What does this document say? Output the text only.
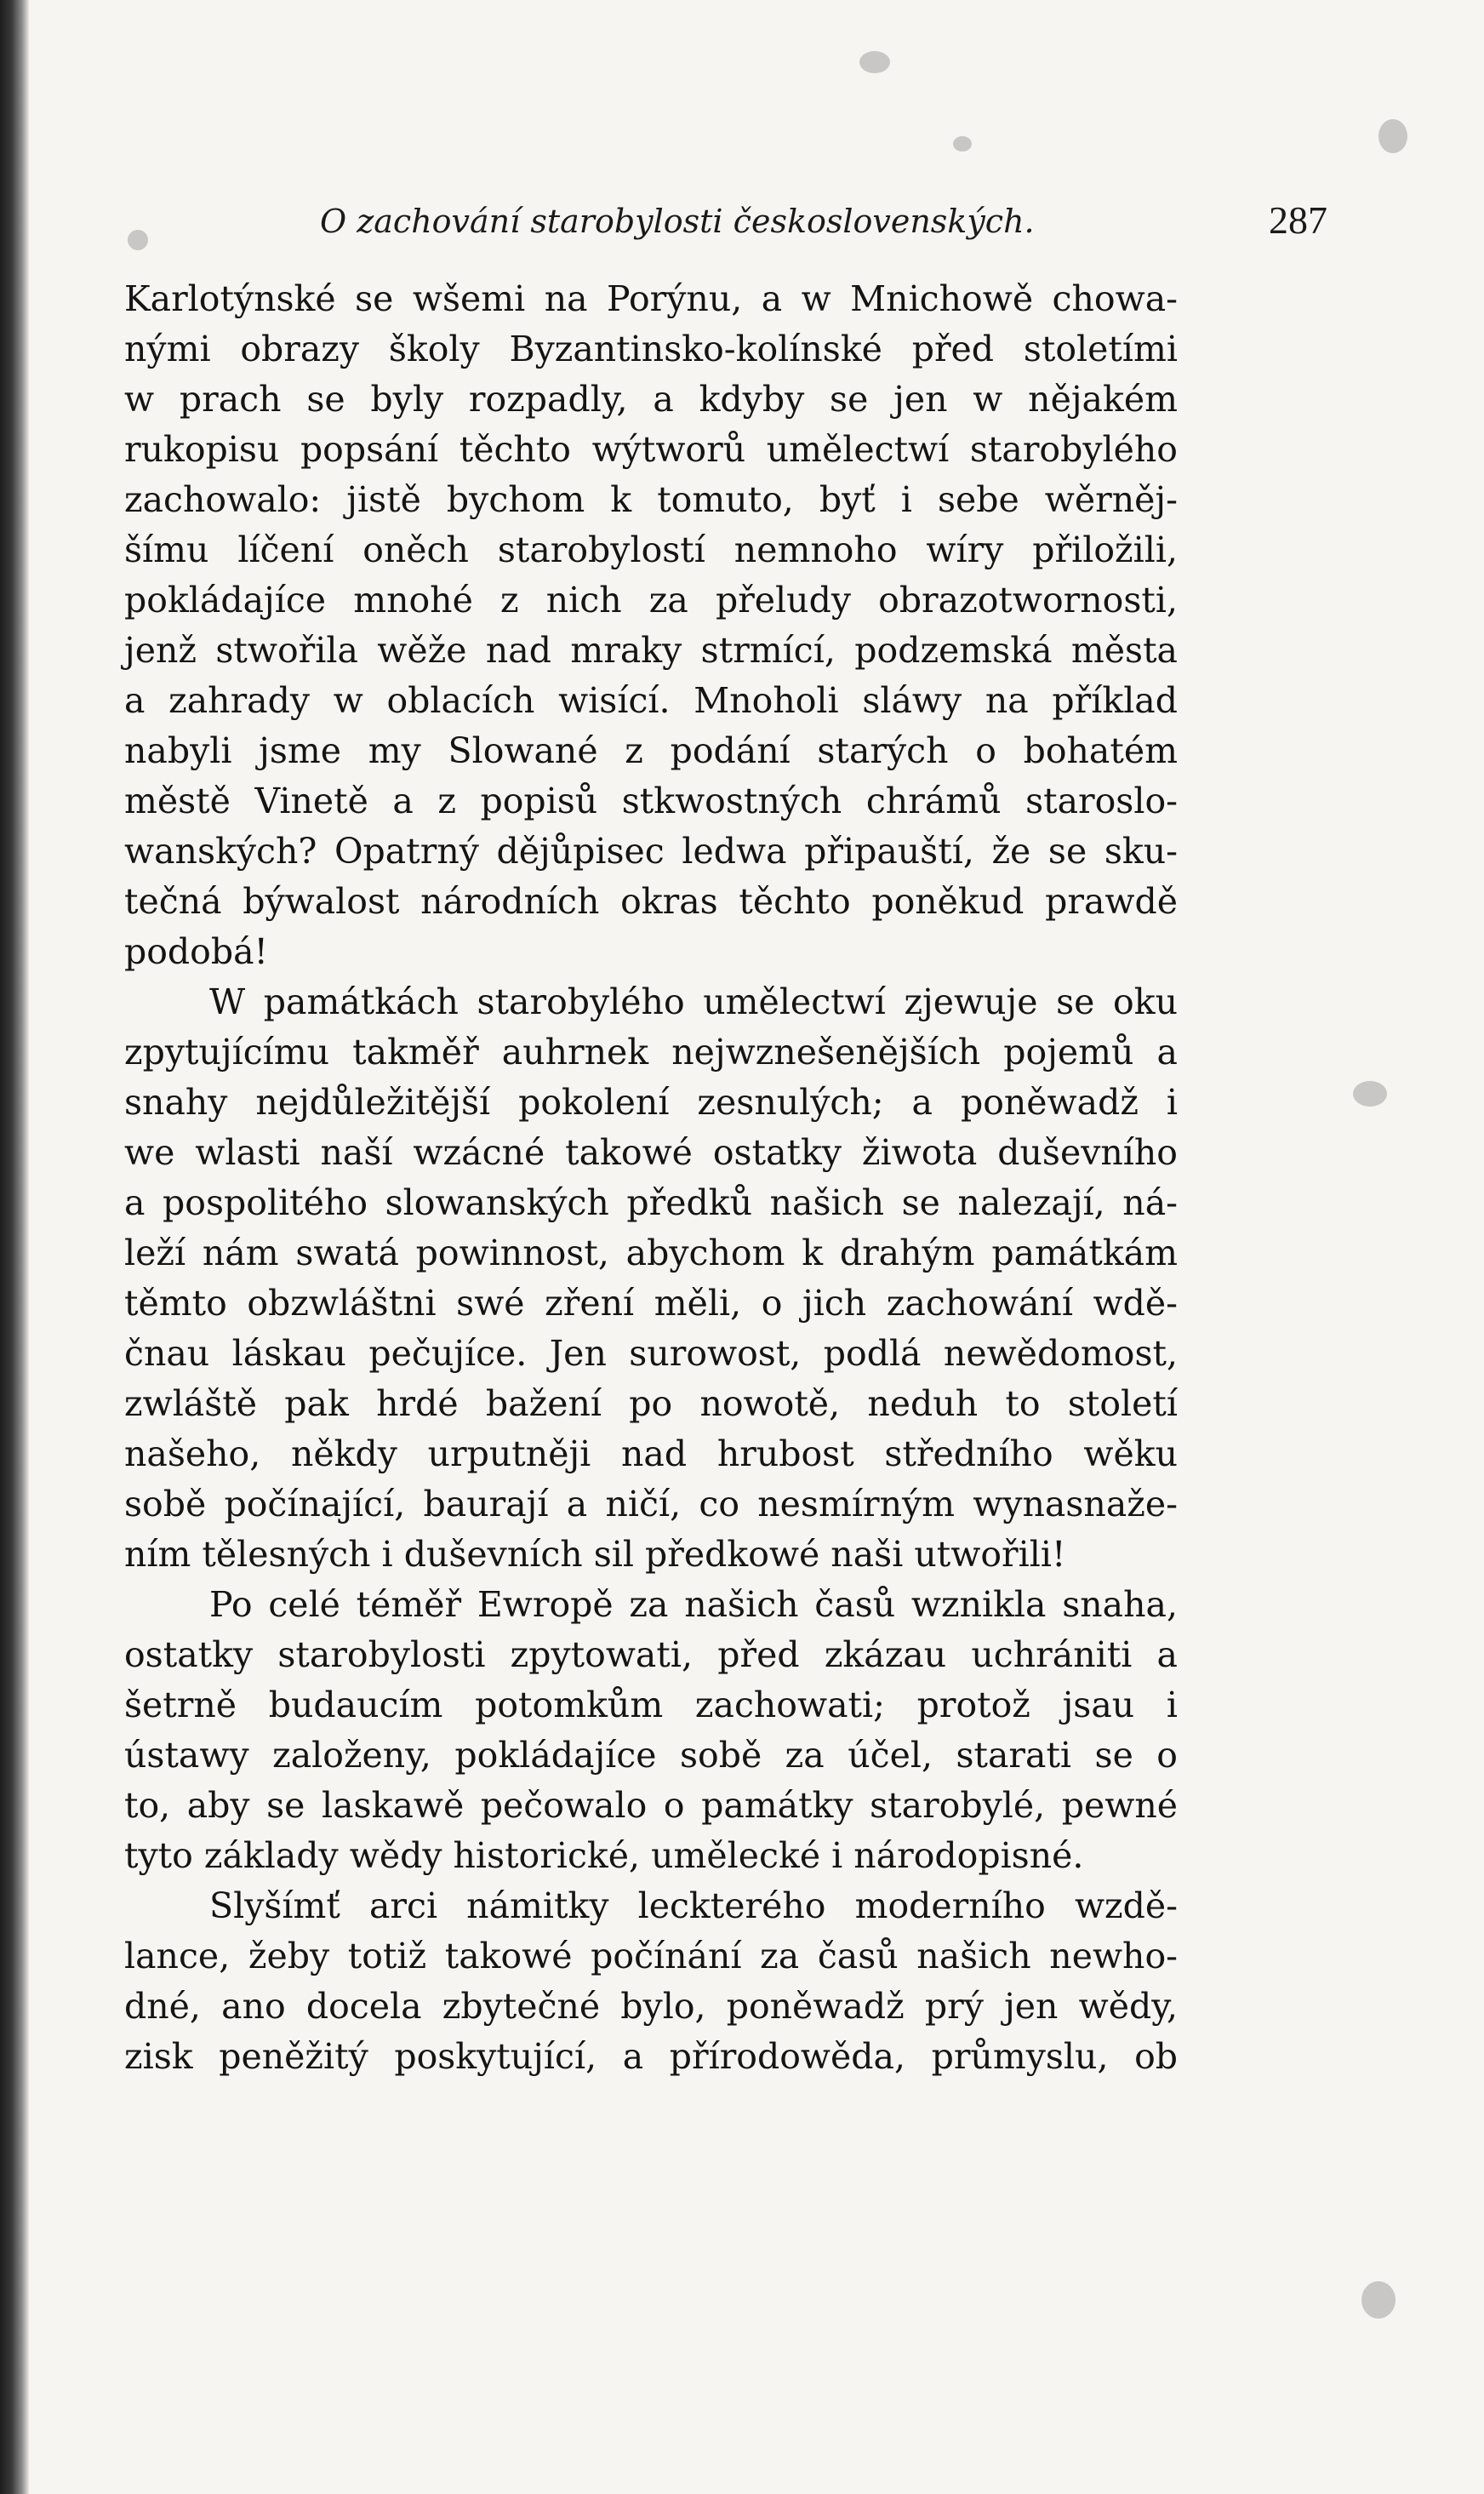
O zachování starobylosti československých.	287
Karlotýnské se wšemi na Porýnu, a w Mnichowě chowa-
nými obrazy školy Byzantinsko-kolínské před stoletími
w prach se byly rozpadly, a kdyby se jen w nějakém
rukopisu popsání těchto wýtworů umělectwí starobylého
zachowalo: jistě bychom k tomuto, byť i sebe wěrněj-
šímu líčení oněch starobylostí nemnoho wíry přiložili,
pokládajíce mnohé z nich za přeludy obrazotwornosti,
jenž stwořila wěže nad mraky strmící, podzemská města
a zahrady w oblacích wisící. Mnoholi sláwy na příklad
nabyli jsme my Slowané z podání starých o bohatém
městě Vinetě a z popisů stkwostných chrámů staroslo-
wanských? Opatrný dějůpisec ledwa připauští, že se sku-
tečná býwalost národních okras těchto poněkud prawdě
podobá!
W památkách starobylého umělectwí zjewuje se oku
zpytujícímu takměř auhrnek nejwznešenějších pojemů a
snahy nejdůležitější pokolení zesnulých; a poněwadž i
we wlasti naší wzácné takowé ostatky žiwota duševního
a pospolitého slowanských předků našich se nalezají, ná-
leží nám swatá powinnost, abychom k drahým památkám
těmto obzwláštni swé zření měli, o jich zachowání wdě-
čnau láskau pečujíce. Jen surowost, podlá newědomost,
zwláště pak hrdé bažení po nowotě, neduh to století
našeho, někdy urputněji nad hrubost středního wěku
sobě počínající, baurají a ničí, co nesmírným wynasnaže-
ním tělesných i duševních sil předkowé naši utwořili!
Po celé téměř Ewropě za našich časů wznikla snaha,
ostatky starobylosti zpytowati, před zkázau uchrániti a
šetrně budaucím potomkům zachowati; protož jsau i
ústawy založeny, pokládajíce sobě za účel, starati se o
to, aby se laskawě pečowalo o památky starobylé, pewné
tyto základy wědy historické, umělecké i národopisné.
Slyšímť arci námitky leckterého moderního wzdě-
lance, žeby totiž takowé počínání za časů našich newho-
dné, ano docela zbytečné bylo, poněwadž prý jen wědy,
zisk peněžitý poskytující, a přírodowěda, průmyslu, ob
